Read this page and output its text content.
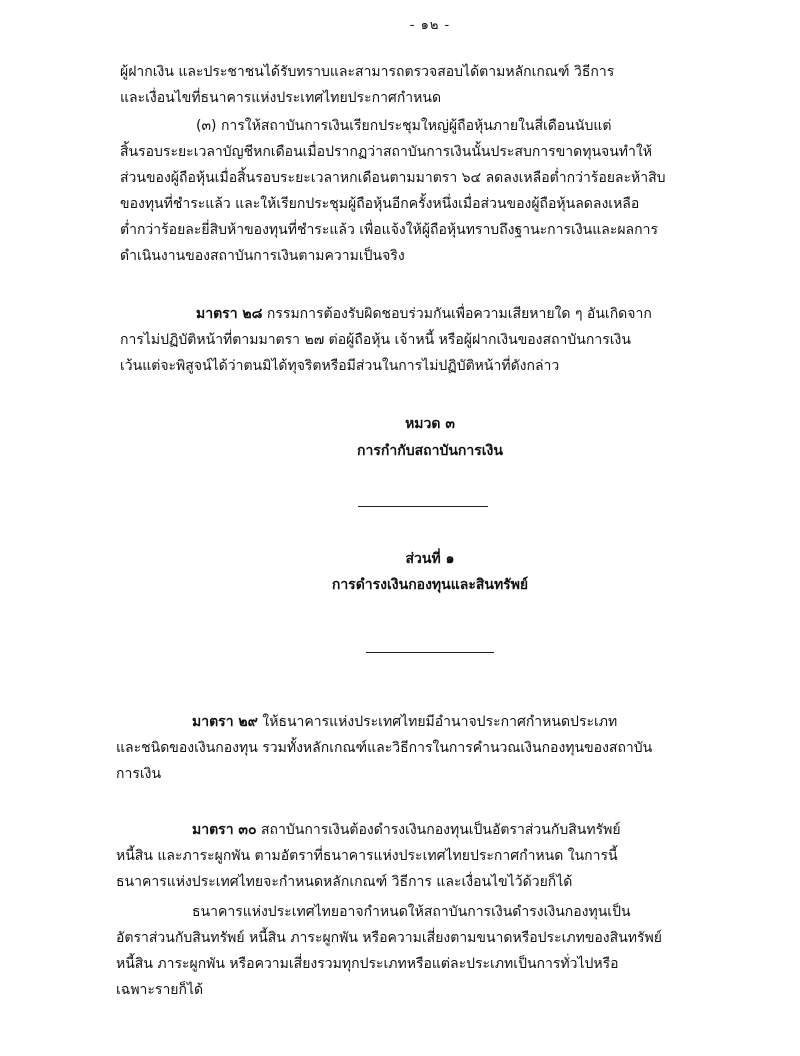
- ๑๒ -
ผู้ฝากเงิน และประชาชนได้รับทราบและสามารถตรวจสอบได้ตามหลักเกณฑ์ วิธีการ
และเงื่อนไขที่ธนาคารแห่งประเทศไทยประกาศกำหนด
(๓) การให้สถาบันการเงินเรียกประชุมใหญ่ผู้ถือหุ้นภายในสี่เดือนนับแต่
สิ้นรอบระยะเวลาบัญชีหกเดือนเมื่อปรากฏว่าสถาบันการเงินนั้นประสบการขาดทุนจนทำให้
ส่วนของผู้ถือหุ้นเมื่อสิ้นรอบระยะเวลาหกเดือนตามมาตรา ๖๔ ลดลงเหลือต่ำกว่าร้อยละห้าสิบ
ของทุนที่ชำระแล้ว และให้เรียกประชุมผู้ถือหุ้นอีกครั้งหนึ่งเมื่อส่วนของผู้ถือหุ้นลดลงเหลือ
ต่ำกว่าร้อยละยี่สิบห้าของทุนที่ชำระแล้ว เพื่อแจ้งให้ผู้ถือหุ้นทราบถึงฐานะการเงินและผลการ
ดำเนินงานของสถาบันการเงินตามความเป็นจริง
มาตรา ๒๘ กรรมการต้องรับผิดชอบร่วมกันเพื่อความเสียหายใด ๆ อันเกิดจาก
การไม่ปฏิบัติหน้าที่ตามมาตรา ๒๗ ต่อผู้ถือหุ้น เจ้าหนี้ หรือผู้ฝากเงินของสถาบันการเงิน
เว้นแต่จะพิสูจน์ได้ว่าตนมิได้ทุจริตหรือมีส่วนในการไม่ปฏิบัติหน้าที่ดังกล่าว
หมวด ๓
การกำกับสถาบันการเงิน
ส่วนที่ ๑
การดำรงเงินกองทุนและสินทรัพย์
มาตรา ๒๙ ให้ธนาคารแห่งประเทศไทยมีอำนาจประกาศกำหนดประเภท
และชนิดของเงินกองทุน รวมทั้งหลักเกณฑ์และวิธีการในการคำนวณเงินกองทุนของสถาบัน
การเงิน
มาตรา ๓๐ สถาบันการเงินต้องดำรงเงินกองทุนเป็นอัตราส่วนกับสินทรัพย์
หนี้สิน และภาระผูกพัน ตามอัตราที่ธนาคารแห่งประเทศไทยประกาศกำหนด ในการนี้
ธนาคารแห่งประเทศไทยจะกำหนดหลักเกณฑ์ วิธีการ และเงื่อนไขไว้ด้วยก็ได้
ธนาคารแห่งประเทศไทยอาจกำหนดให้สถาบันการเงินดำรงเงินกองทุนเป็น
อัตราส่วนกับสินทรัพย์ หนี้สิน ภาระผูกพัน หรือความเสี่ยงตามขนาดหรือประเภทของสินทรัพย์
หนี้สิน ภาระผูกพัน หรือความเสี่ยงรวมทุกประเภทหรือแต่ละประเภทเป็นการทั่วไปหรือ
เฉพาะรายก็ได้
